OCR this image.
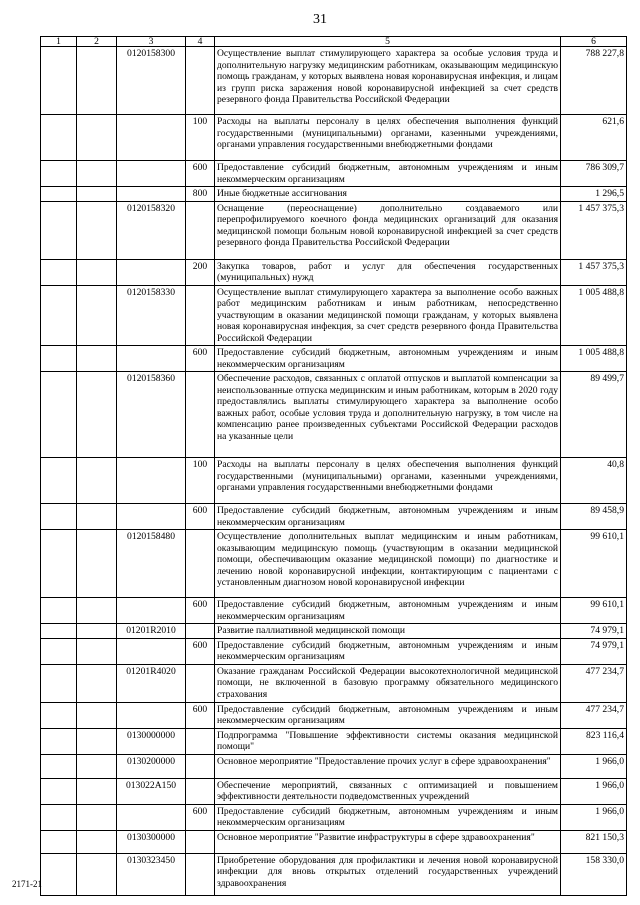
31
1	2	3	4	5	6
		0120158300		Осуществление выплат стимулирующего характера за особые условия труда и дополнительную нагрузку медицинским работникам, оказывающим медицинскую помощь гражданам, у которых выявлена новая коронавирусная инфекция, и лицам из групп риска заражения новой коронавирусной инфекцией за счет средств резервного фонда Правительства Российской Федерации	788 227,8
			100	Расходы на выплаты персоналу в целях обеспечения выполнения функций государственными (муниципальными) органами, казенными учреждениями, органами управления государственными внебюджетными фондами	621,6
			600	Предоставление субсидий бюджетным, автономным учреждениям и иным некоммерческим организациям	786 309,7
			800	Иные бюджетные ассигнования	1 296,5
		0120158320		Оснащение (переоснащение) дополнительно создаваемого или перепрофилируемого коечного фонда медицинских организаций для оказания медицинской помощи больным новой коронавирусной инфекцией за счет средств резервного фонда Правительства Российской Федерации	1 457 375,3
			200	Закупка товаров, работ и услуг для обеспечения государственных (муниципальных) нужд	1 457 375,3
		0120158330		Осуществление выплат стимулирующего характера за выполнение особо важных работ медицинским работникам и иным работникам, непосредственно участвующим в оказании медицинской помощи гражданам, у которых выявлена новая коронавирусная инфекция, за счет средств резервного фонда Правительства Российской Федерации	1 005 488,8
			600	Предоставление субсидий бюджетным, автономным учреждениям и иным некоммерческим организациям	1 005 488,8
		0120158360		Обеспечение расходов, связанных с оплатой отпусков и выплатой компенсации за неиспользованные отпуска медицинским и иным работникам, которым в 2020 году предоставлялись выплаты стимулирующего характера за выполнение особо важных работ, особые условия труда и дополнительную нагрузку, в том числе на компенсацию ранее произведенных субъектами Российской Федерации расходов на указанные цели	89 499,7
			100	Расходы на выплаты персоналу в целях обеспечения выполнения функций государственными (муниципальными) органами, казенными учреждениями, органами управления государственными внебюджетными фондами	40,8
			600	Предоставление субсидий бюджетным, автономным учреждениям и иным некоммерческим организациям	89 458,9
		0120158480		Осуществление дополнительных выплат медицинским и иным работникам, оказывающим медицинскую помощь (участвующим в оказании медицинской помощи, обеспечивающим оказание медицинской помощи) по диагностике и лечению новой коронавирусной инфекции, контактирующим с пациентами с установленным диагнозом новой коронавирусной инфекции	99 610,1
			600	Предоставление субсидий бюджетным, автономным учреждениям и иным некоммерческим организациям	99 610,1
		01201R2010		Развитие паллиативной медицинской помощи	74 979,1
			600	Предоставление субсидий бюджетным, автономным учреждениям и иным некоммерческим организациям	74 979,1
		01201R4020		Оказание гражданам Российской Федерации высокотехнологичной медицинской помощи, не включенной в базовую программу обязательного медицинского страхования	477 234,7
			600	Предоставление субсидий бюджетным, автономным учреждениям и иным некоммерческим организациям	477 234,7
		0130000000		Подпрограмма "Повышение эффективности системы оказания медицинской помощи"	823 116,4
		0130200000		Основное мероприятие "Предоставление прочих услуг в сфере здравоохранения"	1 966,0
		013022А150		Обеспечение мероприятий, связанных с оптимизацией и повышением эффективности деятельности подведомственных учреждений	1 966,0
			600	Предоставление субсидий бюджетным, автономным учреждениям и иным некоммерческим организациям	1 966,0
		0130300000		Основное мероприятие "Развитие инфраструктуры в сфере здравоохранения"	821 150,3
		0130323450		Приобретение оборудования для профилактики и лечения новой коронавирусной инфекции для вновь открытых отделений государственных учреждений здравоохранения	158 330,0
2171-21
